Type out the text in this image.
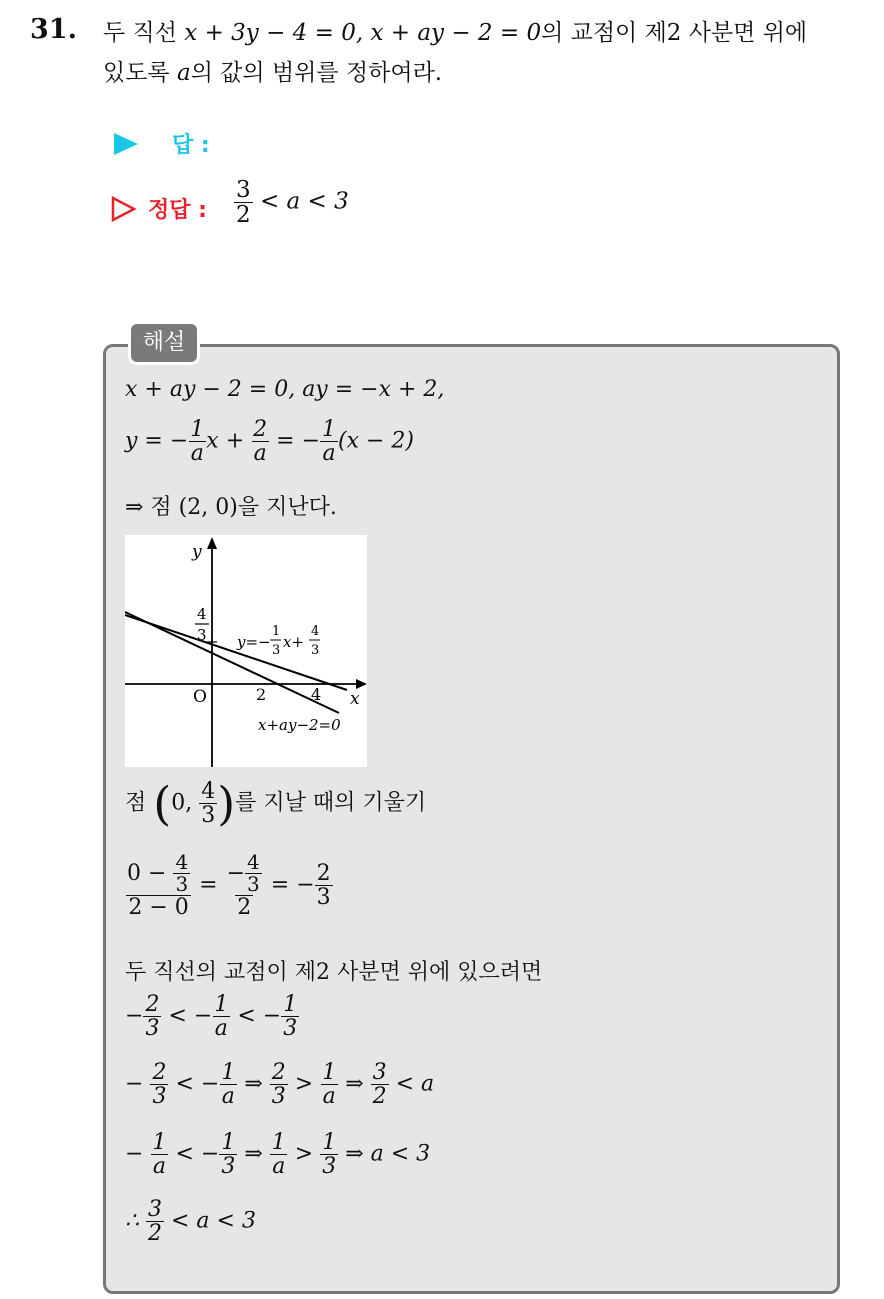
31. 두 직선 x + 3y − 4 = 0, x + ay − 2 = 0의 교점이 제2 사분면 위에
있도록 a의 값의 범위를 정하여라.
답 :
정답 : $\frac{3}{2} < a < 3$
해설
x + ay − 2 = 0, ay = −x + 2,
y = − $\frac{1}{a}$ $x + \frac{2}{a}$ = − $\frac{1}{a} (x - 2)$
⇒ 점 (2, 0)을 지난다.
y
x
O	2	4
4
3 y=−
1
3 x+
4
3
x+ay−2=0
점 (0, $\frac{4}{3}$ )를 지날 때의 기울기
0 −
$\frac{4}{3}$
$2 - 0 = \frac{- \frac{4}{3}}{2}$ = − $\frac{2}{3}$
두 직선의 교점이 제2 사분면 위에 있으려면
− $\frac{2}{3}$ < − $\frac{1}{a}$ < − $\frac{1}{3}$
− $\frac{2}{3}$ < − $\frac{1}{a}$ ⇒ $\frac{2}{3} > \frac{1}{a}$ ⇒ $\frac{3}{2} < a$
− $\frac{1}{a}$ < − $\frac{1}{3}$ ⇒ $\frac{1}{a} > \frac{1}{3}$ ⇒ a < 3
∴ $\frac{3}{2} < a < 3$
